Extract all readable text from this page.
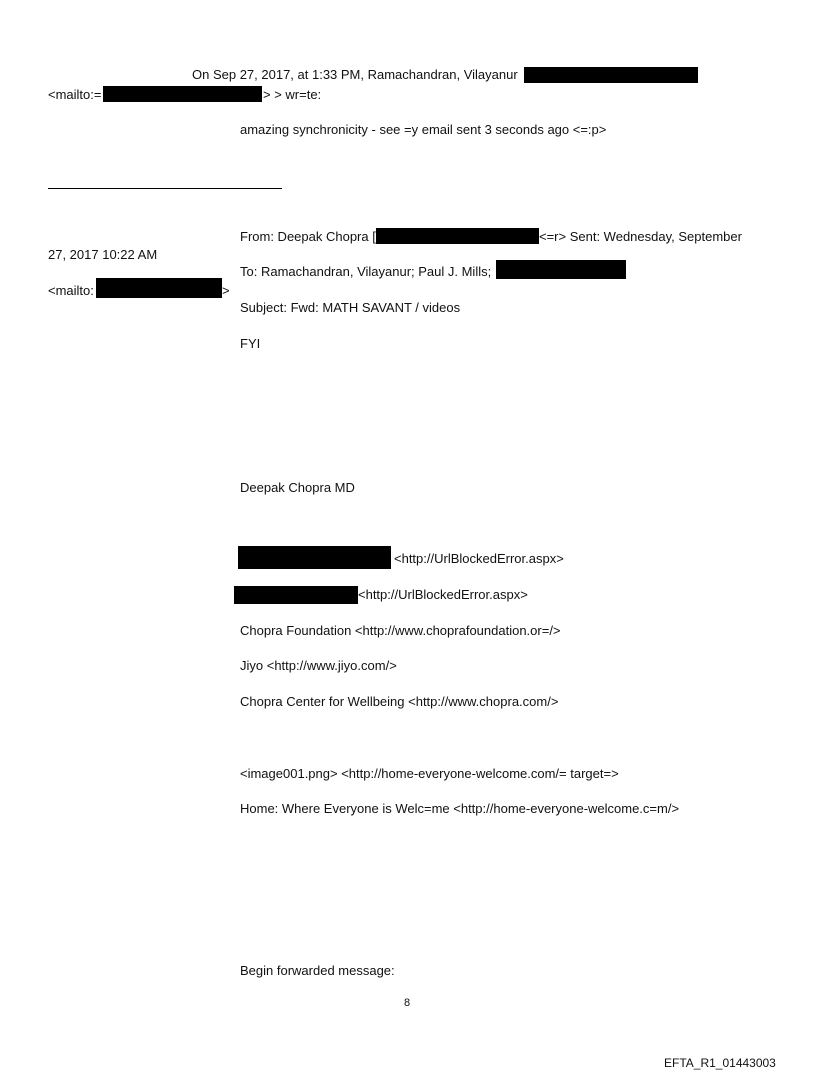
On Sep 27, 2017, at 1:33 PM, Ramachandran, Vilayanur
<mailto:=	> > wr=te:
amazing synchronicity - see =y email sent 3 seconds ago <=:p>
From: Deepak Chopra [	<=r> Sent: Wednesday, September
27, 2017 10:22 AM
To: Ramachandran, Vilayanur; Paul J. Mills;
<mailto:	>
Subject: Fwd: MATH SAVANT / videos
FYI
Deepak Chopra MD
<http://UrlBlockedError.aspx>
<http://UrlBlockedError.aspx>
Chopra Foundation <http://www.choprafoundation.or=/>
Jiyo <http://www.jiyo.com/>
Chopra Center for Wellbeing <http://www.chopra.com/>
<image001.png> <http://home-everyone-welcome.com/= target=>
Home: Where Everyone is Welc=me <http://home-everyone-welcome.c=m/>
Begin forwarded message:
8
EFTA_R1_01443003
